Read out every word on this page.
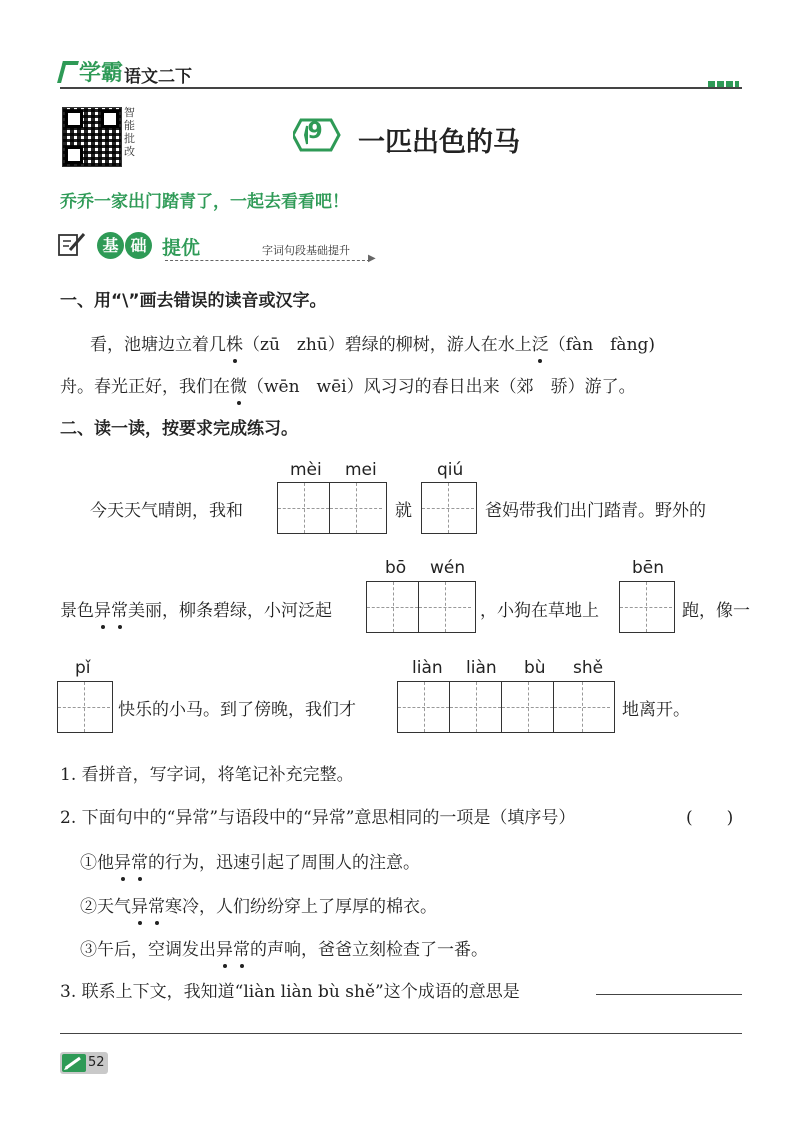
学霸 语文二下
智能批改
9 一匹出色的马
乔乔一家出门踏青了，一起去看看吧！
基 础 提优	字词句段基础提升
▶
一、用“\”画去错误的读音或汉字。
看，池塘边立着几株（zū　zhū）碧绿的柳树，游人在水上泛（fàn　fàng)
舟。春光正好，我们在微（wēn　wēi）风习习的春日出来（郊　骄）游了。
二、读一读，按要求完成练习。
mèi mei	qiú
今天天气晴朗，我和	就	爸妈带我们出门踏青。野外的
bō wén	bēn
景色异常美丽，柳条碧绿，小河泛起	，小狗在草地上	跑，像一
pǐ	liàn liàn bù shě
快乐的小马。到了傍晚，我们才	地离开。
1. 看拼音，写字词，将笔记补充完整。
2. 下面句中的“异常”与语段中的“异常”意思相同的一项是（填序号）	(　　)
①他异常的行为，迅速引起了周围人的注意。
②天气异常寒冷，人们纷纷穿上了厚厚的棉衣。
③午后，空调发出异常的声响，爸爸立刻检查了一番。
3. 联系上下文，我知道“liàn liàn bù shě”这个成语的意思是
52
